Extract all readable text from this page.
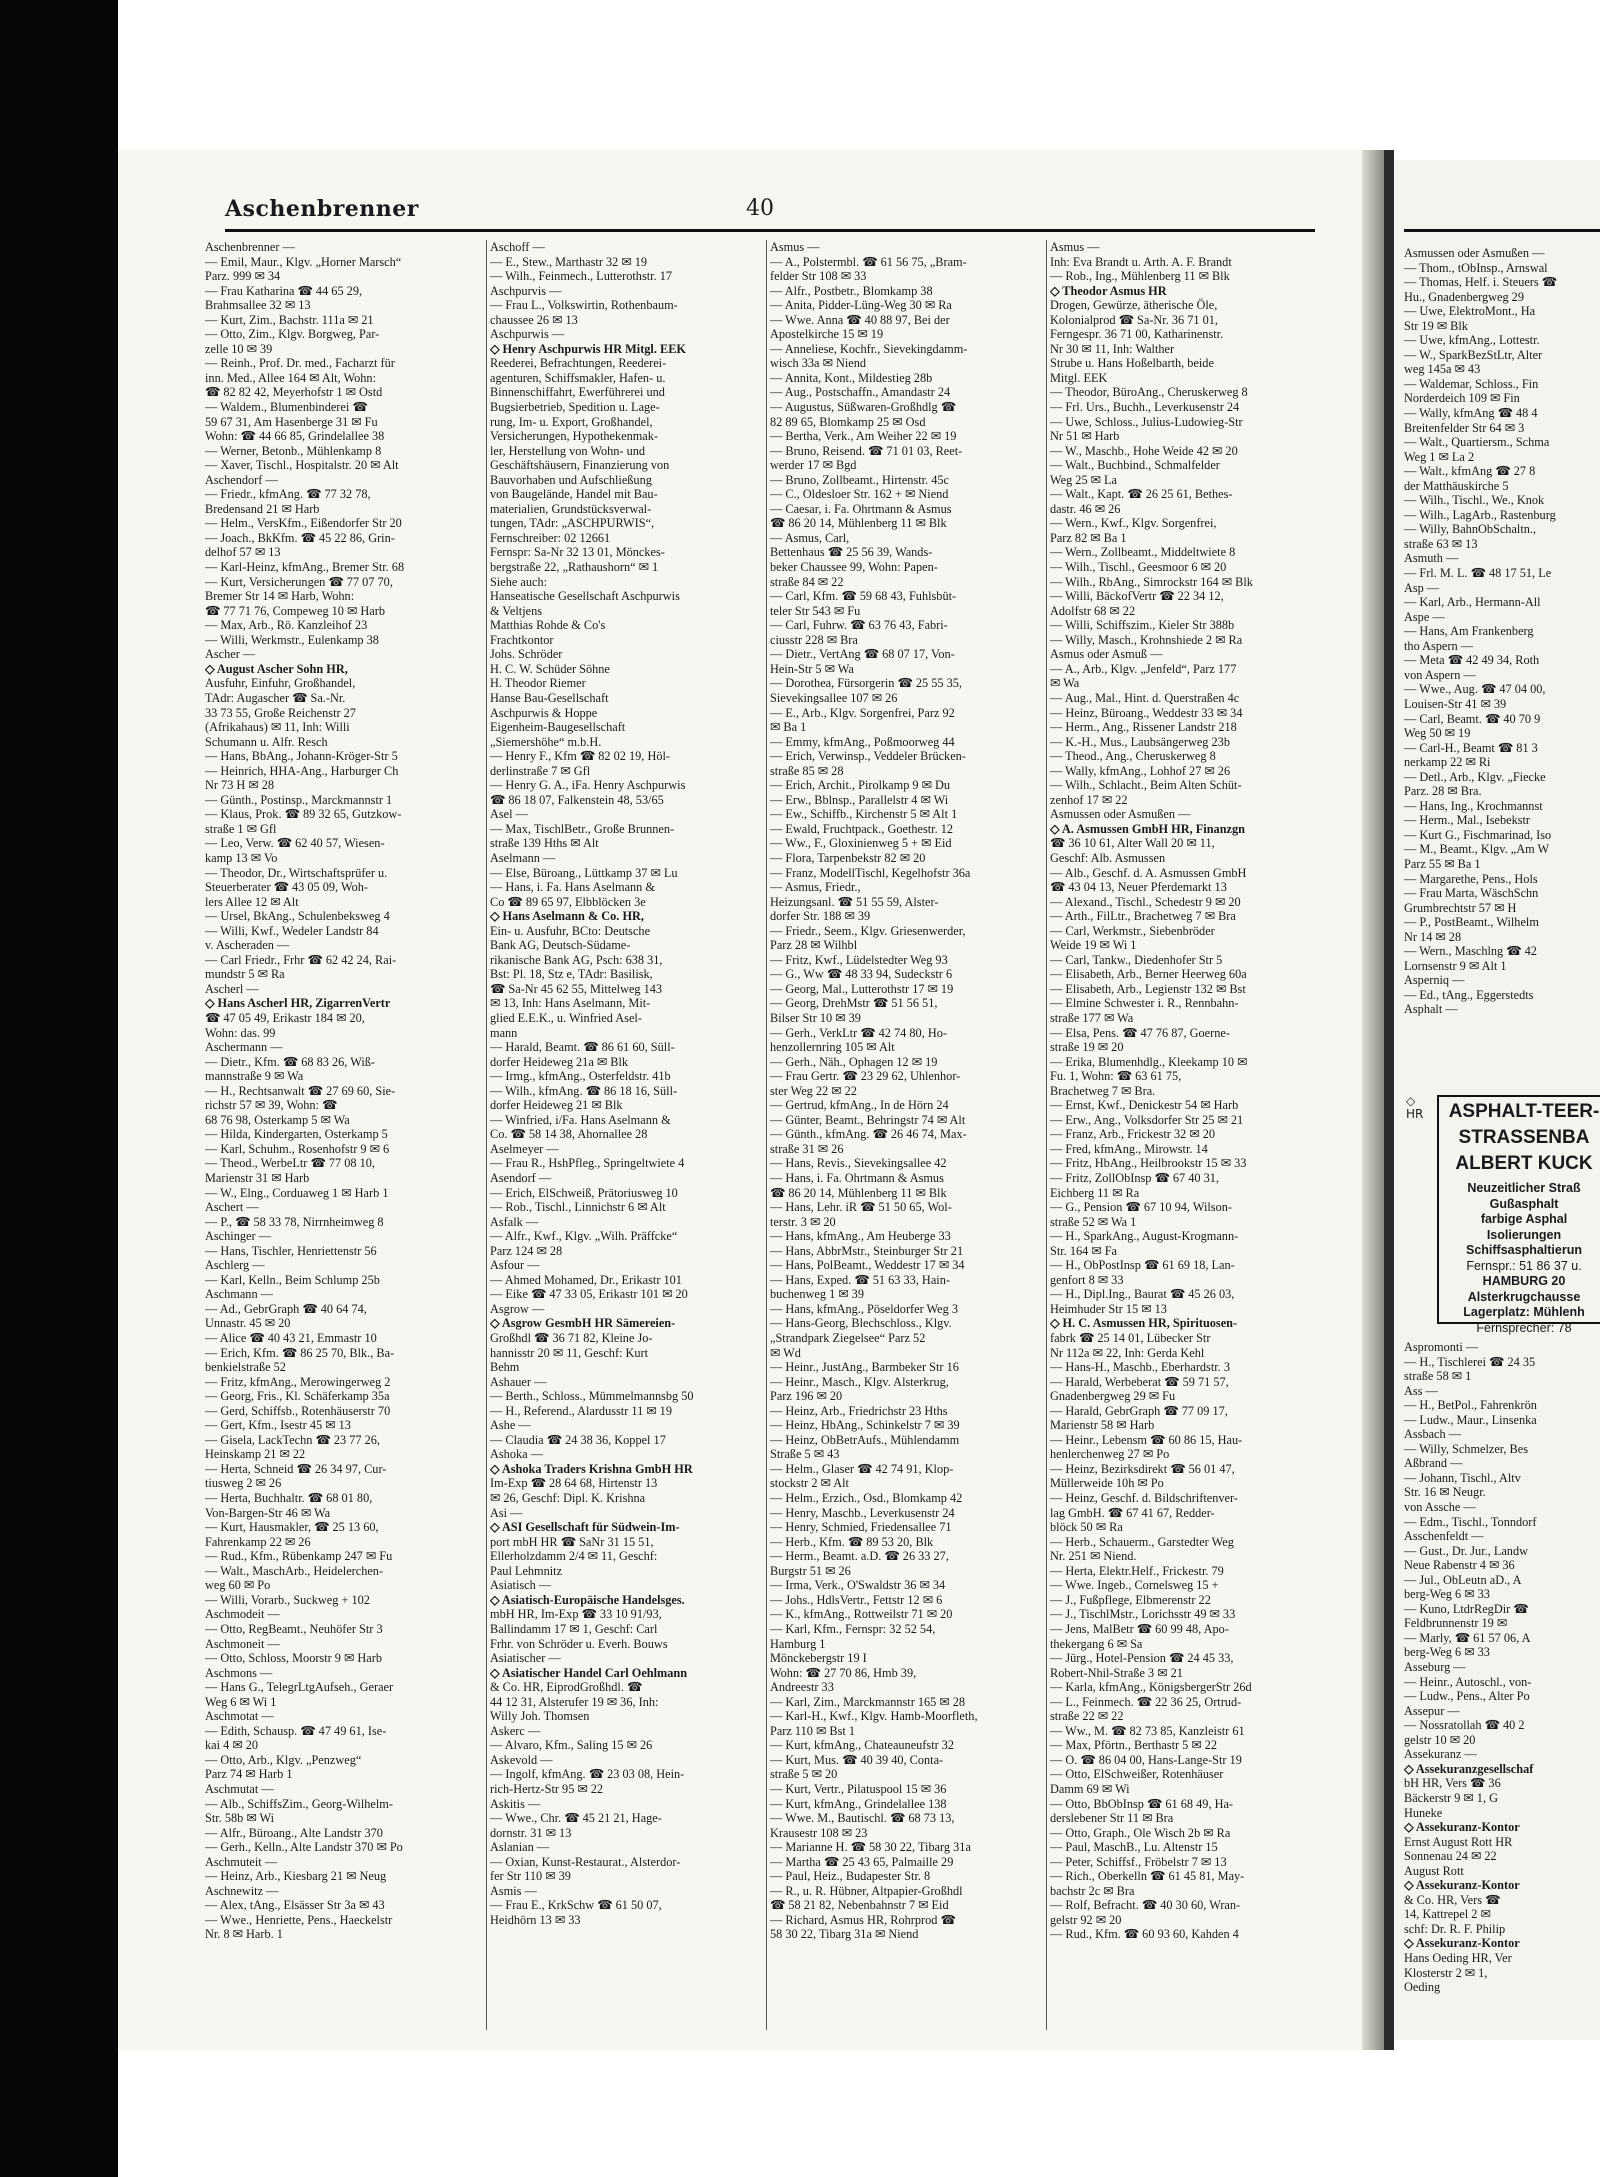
Aschenbrenner	40
Aschenbrenner —
— Emil, Maur., Klgv. „Horner Marsch“
Parz. 999 ✉ 34
— Frau Katharina ☎ 44 65 29,
Brahmsallee 32 ✉ 13
— Kurt, Zim., Bachstr. 111a ✉ 21
— Otto, Zim., Klgv. Borgweg, Par-
zelle 10 ✉ 39
— Reinh., Prof. Dr. med., Facharzt für
inn. Med., Allee 164 ✉ Alt, Wohn:
☎ 82 82 42, Meyerhofstr 1 ✉ Ostd
— Waldem., Blumenbinderei ☎
59 67 31, Am Hasenberge 31 ✉ Fu
Wohn: ☎ 44 66 85, Grindelallee 38
— Werner, Betonb., Mühlenkamp 8
— Xaver, Tischl., Hospitalstr. 20 ✉ Alt
Aschendorf —
— Friedr., kfmAng. ☎ 77 32 78,
Bredensand 21 ✉ Harb
— Helm., VersKfm., Eißendorfer Str 20
— Joach., BkKfm. ☎ 45 22 86, Grin-
delhof 57 ✉ 13
— Karl-Heinz, kfmAng., Bremer Str. 68
— Kurt, Versicherungen ☎ 77 07 70,
Bremer Str 14 ✉ Harb, Wohn:
☎ 77 71 76, Compeweg 10 ✉ Harb
— Max, Arb., Rö. Kanzleihof 23
— Willi, Werkmstr., Eulenkamp 38
Ascher —
◇ August Ascher Sohn HR,
Ausfuhr, Einfuhr, Großhandel,
TAdr: Augascher ☎ Sa.-Nr.
33 73 55, Große Reichenstr 27
(Afrikahaus) ✉ 11, Inh: Willi
Schumann u. Alfr. Resch
— Hans, BbAng., Johann-Kröger-Str 5
— Heinrich, HHA-Ang., Harburger Ch
Nr 73 H ✉ 28
— Günth., Postinsp., Marckmannstr 1
— Klaus, Prok. ☎ 89 32 65, Gutzkow-
straße 1 ✉ Gfl
— Leo, Verw. ☎ 62 40 57, Wiesen-
kamp 13 ✉ Vo
— Theodor, Dr., Wirtschaftsprüfer u.
Steuerberater ☎ 43 05 09, Woh-
lers Allee 12 ✉ Alt
— Ursel, BkAng., Schulenbeksweg 4
— Willi, Kwf., Wedeler Landstr 84
v. Ascheraden —
— Carl Friedr., Frhr ☎ 62 42 24, Rai-
mundstr 5 ✉ Ra
Ascherl —
◇ Hans Ascherl HR, ZigarrenVertr
☎ 47 05 49, Erikastr 184 ✉ 20,
Wohn: das. 99
Aschermann —
— Dietr., Kfm. ☎ 68 83 26, Wiß-
mannstraße 9 ✉ Wa
— H., Rechtsanwalt ☎ 27 69 60, Sie-
richstr 57 ✉ 39, Wohn: ☎
68 76 98, Osterkamp 5 ✉ Wa
— Hilda, Kindergarten, Osterkamp 5
— Karl, Schuhm., Rosenhofstr 9 ✉ 6
— Theod., WerbeLtr ☎ 77 08 10,
Marienstr 31 ✉ Harb
— W., Elng., Corduaweg 1 ✉ Harb 1
Aschert —
— P., ☎ 58 33 78, Nirrnheimweg 8
Aschinger —
— Hans, Tischler, Henriettenstr 56
Aschlerg —
— Karl, Kelln., Beim Schlump 25b
Aschmann —
— Ad., GebrGraph ☎ 40 64 74,
Unnastr. 45 ✉ 20
— Alice ☎ 40 43 21, Emmastr 10
— Erich, Kfm. ☎ 86 25 70, Blk., Ba-
benkielstraße 52
— Fritz, kfmAng., Merowingerweg 2
— Georg, Fris., Kl. Schäferkamp 35a
— Gerd, Schiffsb., Rotenhäuserstr 70
— Gert, Kfm., Isestr 45 ✉ 13
— Gisela, LackTechn ☎ 23 77 26,
Heinskamp 21 ✉ 22
— Herta, Schneid ☎ 26 34 97, Cur-
tiusweg 2 ✉ 26
— Herta, Buchhaltr. ☎ 68 01 80,
Von-Bargen-Str 46 ✉ Wa
— Kurt, Hausmakler, ☎ 25 13 60,
Fahrenkamp 22 ✉ 26
— Rud., Kfm., Rübenkamp 247 ✉ Fu
— Walt., MaschArb., Heidelerchen-
weg 60 ✉ Po
— Willi, Vorarb., Suckweg + 102
Aschmodeit —
— Otto, RegBeamt., Neuhöfer Str 3
Aschmoneit —
— Otto, Schloss, Moorstr 9 ✉ Harb
Aschmons —
— Hans G., TelegrLtgAufseh., Geraer
Weg 6 ✉ Wi 1
Aschmotat —
— Edith, Schausp. ☎ 47 49 61, Ise-
kai 4 ✉ 20
— Otto, Arb., Klgv. „Penzweg“
Parz 74 ✉ Harb 1
Aschmutat —
— Alb., SchiffsZim., Georg-Wilhelm-
Str. 58b ✉ Wi
— Alfr., Büroang., Alte Landstr 370
— Gerh., Kelln., Alte Landstr 370 ✉ Po
Aschmuteit —
— Heinz, Arb., Kiesbarg 21 ✉ Neug
Aschnewitz —
— Alex, tAng., Elsässer Str 3a ✉ 43
— Wwe., Henriette, Pens., Haeckelstr
Nr. 8 ✉ Harb. 1
Aschoff —
— E., Stew., Marthastr 32 ✉ 19
— Wilh., Feinmech., Lutterothstr. 17
Aschpurvis —
— Frau L., Volkswirtin, Rothenbaum-
chaussee 26 ✉ 13
Aschpurwis —
◇ Henry Aschpurwis HR Mitgl. EEK
Reederei, Befrachtungen, Reederei-
agenturen, Schiffsmakler, Hafen- u.
Binnenschiffahrt, Ewerführerei und
Bugsierbetrieb, Spedition u. Lage-
rung, Im- u. Export, Großhandel,
Versicherungen, Hypothekenmak-
ler, Herstellung von Wohn- und
Geschäftshäusern, Finanzierung von
Bauvorhaben und Aufschließung
von Baugelände, Handel mit Bau-
materialien, Grundstücksverwal-
tungen, TAdr: „ASCHPURWIS“,
Fernschreiber: 02 12661
Fernspr: Sa-Nr 32 13 01, Mönckes-
bergstraße 22, „Rathaushorn“ ✉ 1
Siehe auch:
Hanseatische Gesellschaft Aschpurwis
& Veltjens
Matthias Rohde & Co's
Frachtkontor
Johs. Schröder
H. C. W. Schüder Söhne
H. Theodor Riemer
Hanse Bau-Gesellschaft
Aschpurwis & Hoppe
Eigenheim-Baugesellschaft
„Siemershöhe“ m.b.H.
— Henry F., Kfm ☎ 82 02 19, Höl-
derlinstraße 7 ✉ Gfl
— Henry G. A., iFa. Henry Aschpurwis
☎ 86 18 07, Falkenstein 48, 53/65
Asel —
— Max, TischlBetr., Große Brunnen-
straße 139 Hths ✉ Alt
Aselmann —
— Else, Büroang., Lüttkamp 37 ✉ Lu
— Hans, i. Fa. Hans Aselmann &
Co ☎ 89 65 97, Elbblöcken 3e
◇ Hans Aselmann & Co. HR,
Ein- u. Ausfuhr, BCto: Deutsche
Bank AG, Deutsch-Südame-
rikanische Bank AG, Psch: 638 31,
Bst: Pl. 18, Stz e, TAdr: Basilisk,
☎ Sa-Nr 45 62 55, Mittelweg 143
✉ 13, Inh: Hans Aselmann, Mit-
glied E.E.K., u. Winfried Asel-
mann
— Harald, Beamt. ☎ 86 61 60, Süll-
dorfer Heideweg 21a ✉ Blk
— Irmg., kfmAng., Osterfeldstr. 41b
— Wilh., kfmAng. ☎ 86 18 16, Süll-
dorfer Heideweg 21 ✉ Blk
— Winfried, i/Fa. Hans Aselmann &
Co. ☎ 58 14 38, Ahornallee 28
Aselmeyer —
— Frau R., HshPfleg., Springeltwiete 4
Asendorf —
— Erich, ElSchweiß, Prätoriusweg 10
— Rob., Tischl., Linnichstr 6 ✉ Alt
Asfalk —
— Alfr., Kwf., Klgv. „Wilh. Präffcke“
Parz 124 ✉ 28
Asfour —
— Ahmed Mohamed, Dr., Erikastr 101
— Eike ☎ 47 33 05, Erikastr 101 ✉ 20
Asgrow —
◇ Asgrow GesmbH HR Sämereien-
Großhdl ☎ 36 71 82, Kleine Jo-
hannisstr 20 ✉ 11, Geschf: Kurt
Behm
Ashauer —
— Berth., Schloss., Mümmelmannsbg 50
— H., Referend., Alardusstr 11 ✉ 19
Ashe —
— Claudia ☎ 24 38 36, Koppel 17
Ashoka —
◇ Ashoka Traders Krishna GmbH HR
Im-Exp ☎ 28 64 68, Hirtenstr 13
✉ 26, Geschf: Dipl. K. Krishna
Asi —
◇ ASI Gesellschaft für Südwein-Im-
port mbH HR ☎ SaNr 31 15 51,
Ellerholzdamm 2/4 ✉ 11, Geschf:
Paul Lehmnitz
Asiatisch —
◇ Asiatisch-Europäische Handelsges.
mbH HR, Im-Exp ☎ 33 10 91/93,
Ballindamm 17 ✉ 1, Geschf: Carl
Frhr. von Schröder u. Everh. Bouws
Asiatischer —
◇ Asiatischer Handel Carl Oehlmann
& Co. HR, EiprodGroßhdl. ☎
44 12 31, Alsterufer 19 ✉ 36, Inh:
Willy Joh. Thomsen
Askerc —
— Alvaro, Kfm., Saling 15 ✉ 26
Askevold —
— Ingolf, kfmAng. ☎ 23 03 08, Hein-
rich-Hertz-Str 95 ✉ 22
Askitis —
— Wwe., Chr. ☎ 45 21 21, Hage-
dornstr. 31 ✉ 13
Aslanian —
— Oxian, Kunst-Restaurat., Alsterdor-
fer Str 110 ✉ 39
Asmis —
— Frau E., KrkSchw ☎ 61 50 07,
Heidhörn 13 ✉ 33
Asmus —
— A., Polstermbl. ☎ 61 56 75, „Bram-
felder Str 108 ✉ 33
— Alfr., Postbetr., Blomkamp 38
— Anita, Pidder-Lüng-Weg 30 ✉ Ra
— Wwe. Anna ☎ 40 88 97, Bei der
Apostelkirche 15 ✉ 19
— Anneliese, Kochfr., Sievekingdamm-
wisch 33a ✉ Niend
— Annita, Kont., Mildestieg 28b
— Aug., Postschaffn., Amandastr 24
— Augustus, Süßwaren-Großhdlg ☎
82 89 65, Blomkamp 25 ✉ Osd
— Bertha, Verk., Am Weiher 22 ✉ 19
— Bruno, Reisend. ☎ 71 01 03, Reet-
werder 17 ✉ Bgd
— Bruno, Zollbeamt., Hirtenstr. 45c
— C., Oldesloer Str. 162 + ✉ Niend
— Caesar, i. Fa. Ohrtmann & Asmus
☎ 86 20 14, Mühlenberg 11 ✉ Blk
— Asmus, Carl,
Bettenhaus ☎ 25 56 39, Wands-
beker Chaussee 99, Wohn: Papen-
straße 84 ✉ 22
— Carl, Kfm. ☎ 59 68 43, Fuhlsbüt-
teler Str 543 ✉ Fu
— Carl, Fuhrw. ☎ 63 76 43, Fabri-
ciusstr 228 ✉ Bra
— Dietr., VertAng ☎ 68 07 17, Von-
Hein-Str 5 ✉ Wa
— Dorothea, Fürsorgerin ☎ 25 55 35,
Sievekingsallee 107 ✉ 26
— E., Arb., Klgv. Sorgenfrei, Parz 92
✉ Ba 1
— Emmy, kfmAng., Poßmoorweg 44
— Erich, Verwinsp., Veddeler Brücken-
straße 85 ✉ 28
— Erich, Archit., Pirolkamp 9 ✉ Du
— Erw., Bblnsp., Parallelstr 4 ✉ Wi
— Ew., Schiffb., Kirchenstr 5 ✉ Alt 1
— Ewald, Fruchtpack., Goethestr. 12
— Ww., F., Gloxinienweg 5 + ✉ Eid
— Flora, Tarpenbekstr 82 ✉ 20
— Franz, ModellTischl, Kegelhofstr 36a
— Asmus, Friedr.,
Heizungsanl. ☎ 51 55 59, Alster-
dorfer Str. 188 ✉ 39
— Friedr., Seem., Klgv. Griesenwerder,
Parz 28 ✉ Wilhbl
— Fritz, Kwf., Lüdelstedter Weg 93
— G., Ww ☎ 48 33 94, Sudeckstr 6
— Georg, Mal., Lutterothstr 17 ✉ 19
— Georg, DrehMstr ☎ 51 56 51,
Bilser Str 10 ✉ 39
— Gerh., VerkLtr ☎ 42 74 80, Ho-
henzollernring 105 ✉ Alt
— Gerh., Näh., Ophagen 12 ✉ 19
— Frau Gertr. ☎ 23 29 62, Uhlenhor-
ster Weg 22 ✉ 22
— Gertrud, kfmAng., In de Hörn 24
— Günter, Beamt., Behringstr 74 ✉ Alt
— Günth., kfmAng. ☎ 26 46 74, Max-
straße 31 ✉ 26
— Hans, Revis., Sievekingsallee 42
— Hans, i. Fa. Ohrtmann & Asmus
☎ 86 20 14, Mühlenberg 11 ✉ Blk
— Hans, Lehr. iR ☎ 51 50 65, Wol-
terstr. 3 ✉ 20
— Hans, kfmAng., Am Heuberge 33
— Hans, AbbrMstr., Steinburger Str 21
— Hans, PolBeamt., Weddestr 17 ✉ 34
— Hans, Exped. ☎ 51 63 33, Hain-
buchenweg 1 ✉ 39
— Hans, kfmAng., Pöseldorfer Weg 3
— Hans-Georg, Blechschloss., Klgv.
„Strandpark Ziegelsee“ Parz 52
✉ Wd
— Heinr., JustAng., Barmbeker Str 16
— Heinr., Masch., Klgv. Alsterkrug,
Parz 196 ✉ 20
— Heinz, Arb., Friedrichstr 23 Hths
— Heinz, HbAng., Schinkelstr 7 ✉ 39
— Heinz, ObBetrAufs., Mühlendamm
Straße 5 ✉ 43
— Helm., Glaser ☎ 42 74 91, Klop-
stockstr 2 ✉ Alt
— Helm., Erzich., Osd., Blomkamp 42
— Henry, Maschb., Leverkusenstr 24
— Henry, Schmied, Friedensallee 71
— Herb., Kfm. ☎ 89 53 20, Blk
— Herm., Beamt. a.D. ☎ 26 33 27,
Burgstr 51 ✉ 26
— Irma, Verk., O'Swaldstr 36 ✉ 34
— Johs., HdlsVertr., Fettstr 12 ✉ 6
— K., kfmAng., Rottweilstr 71 ✉ 20
— Karl, Kfm., Fernspr: 32 52 54,
Hamburg 1
Mönckebergstr 19 I
Wohn: ☎ 27 70 86, Hmb 39,
Andreestr 33
— Karl, Zim., Marckmannstr 165 ✉ 28
— Karl-H., Kwf., Klgv. Hamb-Moorfleth,
Parz 110 ✉ Bst 1
— Kurt, kfmAng., Chateauneufstr 32
— Kurt, Mus. ☎ 40 39 40, Conta-
straße 5 ✉ 20
— Kurt, Vertr., Pilatuspool 15 ✉ 36
— Kurt, kfmAng., Grindelallee 138
— Wwe. M., Bautischl. ☎ 68 73 13,
Krausestr 108 ✉ 23
— Marianne H. ☎ 58 30 22, Tibarg 31a
— Martha ☎ 25 43 65, Palmaille 29
— Paul, Heiz., Budapester Str. 8
— R., u. R. Hübner, Altpapier-Großhdl
☎ 58 21 82, Nebenbahnstr 7 ✉ Eid
— Richard, Asmus HR, Rohrprod ☎
58 30 22, Tibarg 31a ✉ Niend
Asmus —
Inh: Eva Brandt u. Arth. A. F. Brandt
— Rob., Ing., Mühlenberg 11 ✉ Blk
◇ Theodor Asmus HR
Drogen, Gewürze, ätherische Öle,
Kolonialprod ☎ Sa-Nr. 36 71 01,
Ferngespr. 36 71 00, Katharinenstr.
Nr 30 ✉ 11, Inh: Walther
Strube u. Hans Hoßelbarth, beide
Mitgl. EEK
— Theodor, BüroAng., Cheruskerweg 8
— Frl. Urs., Buchh., Leverkusenstr 24
— Uwe, Schloss., Julius-Ludowieg-Str
Nr 51 ✉ Harb
— W., Maschb., Hohe Weide 42 ✉ 20
— Walt., Buchbind., Schmalfelder
Weg 25 ✉ La
— Walt., Kapt. ☎ 26 25 61, Bethes-
dastr. 46 ✉ 26
— Wern., Kwf., Klgv. Sorgenfrei,
Parz 82 ✉ Ba 1
— Wern., Zollbeamt., Middeltwiete 8
— Wilh., Tischl., Geesmoor 6 ✉ 20
— Wilh., RbAng., Simrockstr 164 ✉ Blk
— Willi, BäckofVertr ☎ 22 34 12,
Adolfstr 68 ✉ 22
— Willi, Schiffszim., Kieler Str 388b
— Willy, Masch., Krohnshiede 2 ✉ Ra
Asmus oder Asmuß —
— A., Arb., Klgv. „Jenfeld“, Parz 177
✉ Wa
— Aug., Mal., Hint. d. Querstraßen 4c
— Heinz, Büroang., Weddestr 33 ✉ 34
— Herm., Ang., Rissener Landstr 218
— K.-H., Mus., Laubsängerweg 23b
— Theod., Ang., Cheruskerweg 8
— Wally, kfmAng., Lohhof 27 ✉ 26
— Wilh., Schlacht., Beim Alten Schüt-
zenhof 17 ✉ 22
Asmussen oder Asmußen —
◇ A. Asmussen GmbH HR, Finanzgn
☎ 36 10 61, Alter Wall 20 ✉ 11,
Geschf: Alb. Asmussen
— Alb., Geschf. d. A. Asmussen GmbH
☎ 43 04 13, Neuer Pferdemarkt 13
— Alexand., Tischl., Schedestr 9 ✉ 20
— Arth., FilLtr., Brachetweg 7 ✉ Bra
— Carl, Werkmstr., Siebenbröder
Weide 19 ✉ Wi 1
— Carl, Tankw., Diedenhofer Str 5
— Elisabeth, Arb., Berner Heerweg 60a
— Elisabeth, Arb., Legienstr 132 ✉ Bst
— Elmine Schwester i. R., Rennbahn-
straße 177 ✉ Wa
— Elsa, Pens. ☎ 47 76 87, Goerne-
straße 19 ✉ 20
— Erika, Blumenhdlg., Kleekamp 10 ✉
Fu. 1, Wohn: ☎ 63 61 75,
Brachetweg 7 ✉ Bra.
— Ernst, Kwf., Denickestr 54 ✉ Harb
— Erw., Ang., Volksdorfer Str 25 ✉ 21
— Franz, Arb., Frickestr 32 ✉ 20
— Fred, kfmAng., Mirowstr. 14
— Fritz, HbAng., Heilbrookstr 15 ✉ 33
— Fritz, ZollObInsp ☎ 67 40 31,
Eichberg 11 ✉ Ra
— G., Pension ☎ 67 10 94, Wilson-
straße 52 ✉ Wa 1
— H., SparkAng., August-Krogmann-
Str. 164 ✉ Fa
— H., ObPostInsp ☎ 61 69 18, Lan-
genfort 8 ✉ 33
— H., Dipl.Ing., Baurat ☎ 45 26 03,
Heimhuder Str 15 ✉ 13
◇ H. C. Asmussen HR, Spirituosen-
fabrk ☎ 25 14 01, Lübecker Str
Nr 112a ✉ 22, Inh: Gerda Kehl
— Hans-H., Maschb., Eberhardstr. 3
— Harald, Werbeberat ☎ 59 71 57,
Gnadenbergweg 29 ✉ Fu
— Harald, GebrGraph ☎ 77 09 17,
Marienstr 58 ✉ Harb
— Heinr., Lebensm ☎ 60 86 15, Hau-
henlerchenweg 27 ✉ Po
— Heinz, Bezirksdirekt ☎ 56 01 47,
Müllerweide 10h ✉ Po
— Heinz, Geschf. d. Bildschriftenver-
lag GmbH. ☎ 67 41 67, Redder-
blöck 50 ✉ Ra
— Herb., Schauerm., Garstedter Weg
Nr. 251 ✉ Niend.
— Herta, Elektr.Helf., Frickestr. 79
— Wwe. Ingeb., Cornelsweg 15 +
— J., Fußpflege, Elbmerenstr 22
— J., TischlMstr., Lorichsstr 49 ✉ 33
— Jens, MalBetr ☎ 60 99 48, Apo-
thekergang 6 ✉ Sa
— Jürg., Hotel-Pension ☎ 24 45 33,
Robert-Nhil-Straße 3 ✉ 21
— Karla, kfmAng., KönigsbergerStr 26d
— L., Feinmech. ☎ 22 36 25, Ortrud-
straße 22 ✉ 22
— Ww., M. ☎ 82 73 85, Kanzleistr 61
— Max, Pförtn., Berthastr 5 ✉ 22
— O. ☎ 86 04 00, Hans-Lange-Str 19
— Otto, ElSchweißer, Rotenhäuser
Damm 69 ✉ Wi
— Otto, BbObInsp ☎ 61 68 49, Ha-
derslebener Str 11 ✉ Bra
— Otto, Graph., Ole Wisch 2b ✉ Ra
— Paul, MaschB., Lu. Altenstr 15
— Peter, Schiffsf., Fröbelstr 7 ✉ 13
— Rich., Oberkelln ☎ 61 45 81, May-
bachstr 2c ✉ Bra
— Rolf, Befracht. ☎ 40 30 60, Wran-
gelstr 92 ✉ 20
— Rud., Kfm. ☎ 60 93 60, Kahden 4
Asmussen oder Asmußen —
— Thom., tObInsp., Arnswal
— Thomas, Helf. i. Steuers ☎
Hu., Gnadenbergweg 29
— Uwe, ElektroMont., Ha
Str 19 ✉ Blk
— Uwe, kfmAng., Lottestr.
— W., SparkBezStLtr, Alter
weg 145a ✉ 43
— Waldemar, Schloss., Fin
Norderdeich 109 ✉ Fin
— Wally, kfmAng ☎ 48 4
Breitenfelder Str 64 ✉ 3
— Walt., Quartiersm., Schma
Weg 1 ✉ La 2
— Walt., kfmAng ☎ 27 8
der Matthäuskirche 5
— Wilh., Tischl., We., Knok
— Wilh., LagArb., Rastenburg
— Willy, BahnObSchaltn.,
straße 63 ✉ 13
Asmuth —
— Frl. M. L. ☎ 48 17 51, Le
Asp —
— Karl, Arb., Hermann-All
Aspe —
— Hans, Am Frankenberg
tho Aspern —
— Meta ☎ 42 49 34, Roth
von Aspern —
— Wwe., Aug. ☎ 47 04 00,
Louisen-Str 41 ✉ 39
— Carl, Beamt. ☎ 40 70 9
Weg 50 ✉ 19
— Carl-H., Beamt ☎ 81 3
nerkamp 22 ✉ Ri
— Detl., Arb., Klgv. „Fiecke
Parz. 28 ✉ Bra.
— Hans, Ing., Krochmannst
— Herm., Mal., Isebekstr
— Kurt G., Fischmarinad, Iso
— M., Beamt., Klgv. „Am W
Parz 55 ✉ Ba 1
— Margarethe, Pens., Hols
— Frau Marta, WäschSchn
Grumbrechtstr 57 ✉ H
— P., PostBeamt., Wilhelm
Nr 14 ✉ 28
— Wern., Maschlng ☎ 42
Lornsenstr 9 ✉ Alt 1
Asperniq —
— Ed., tAng., Eggerstedts
Asphalt —
Aspromonti —
— H., Tischlerei ☎ 24 35
straße 58 ✉ 1
Ass —
— H., BetPol., Fahrenkrön
— Ludw., Maur., Linsenka
Assbach —
— Willy, Schmelzer, Bes
Aßbrand —
— Johann, Tischl., Altv
Str. 16 ✉ Neugr.
von Assche —
— Edm., Tischl., Tonndorf
Asschenfeldt —
— Gust., Dr. Jur., Landw
Neue Rabenstr 4 ✉ 36
— Jul., ObLeutn aD., A
berg-Weg 6 ✉ 33
— Kuno, LtdrRegDir ☎
Feldbrunnenstr 19 ✉
— Marly, ☎ 61 57 06, A
berg-Weg 6 ✉ 33
Asseburg —
— Heinr., Autoschl., von-
— Ludw., Pens., Alter Po
Assepur —
— Nossratollah ☎ 40 2
gelstr 10 ✉ 20
Assekuranz —
◇ Assekuranzgesellschaf
bH HR, Vers ☎ 36
Bäckerstr 9 ✉ 1, G
Huneke
◇ Assekuranz-Kontor
Ernst August Rott HR
Sonnenau 24 ✉ 22
August Rott
◇ Assekuranz-Kontor
& Co. HR, Vers ☎
14, Kattrepel 2 ✉
schf: Dr. R. F. Philip
◇ Assekuranz-Kontor
Hans Oeding HR, Ver
Klosterstr 2 ✉ 1,
Oeding
◇
HR	ASPHALT-TEER-
STRASSENBA
ALBERT KUCK
Neuzeitlicher Straß
Gußasphalt
farbige Asphal
Isolierungen
Schiffsasphaltierun
Fernspr.: 51 86 37 u.
HAMBURG 20
Alsterkrugchausse
Lagerplatz: Mühlenh
Fernsprecher: 78
